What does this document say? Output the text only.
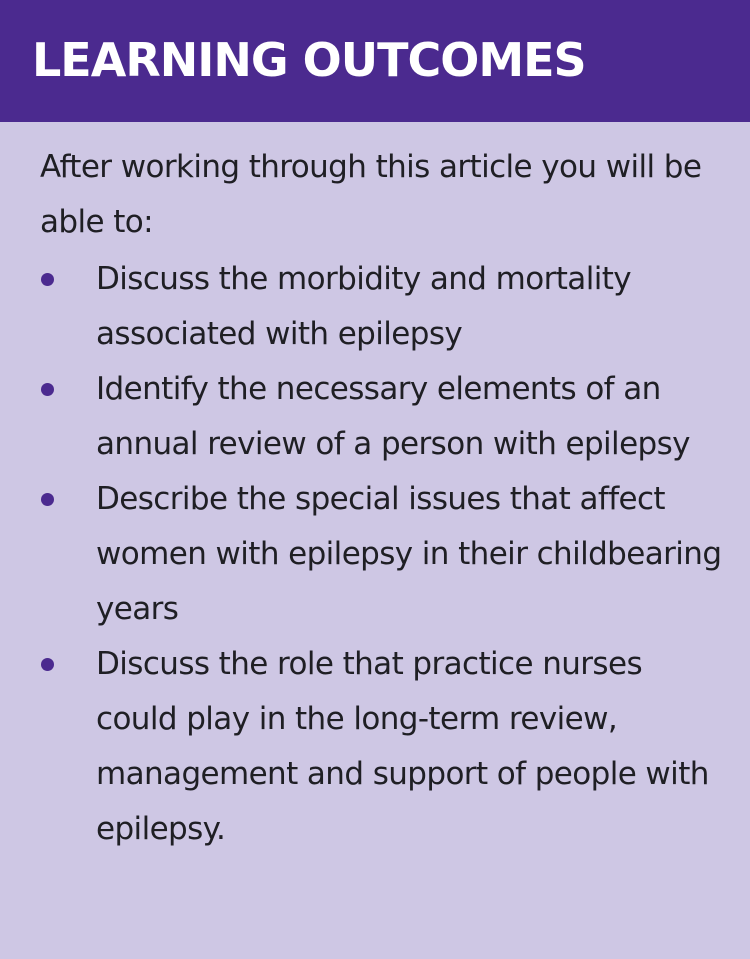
LEARNING OUTCOMES

After working through this article you will be able to:

Discuss the morbidity and mortality associated with epilepsy
Identify the necessary elements of an annual review of a person with epilepsy
Describe the special issues that affect women with epilepsy in their childbearing years
Discuss the role that practice nurses could play in the long-term review, management and support of people with epilepsy.
